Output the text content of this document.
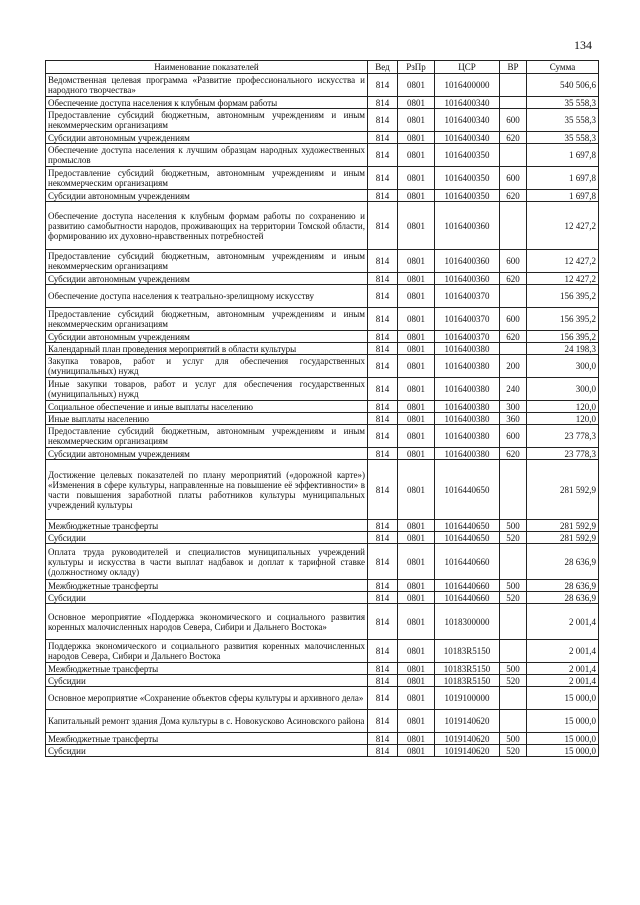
134
Наименование показателей	Вед	РзПр	ЦСР	ВР	Сумма
Ведомственная целевая программа «Развитие профессионального искусства и народного творчества»	814	0801	1016400000		540 506,6
Обеспечение доступа населения к клубным формам работы	814	0801	1016400340		35 558,3
Предоставление субсидий бюджетным, автономным учреждениям и иным некоммерческим организациям	814	0801	1016400340	600	35 558,3
Субсидии автономным учреждениям	814	0801	1016400340	620	35 558,3
Обеспечение доступа населения к лучшим образцам народных художественных промыслов	814	0801	1016400350		1 697,8
Предоставление субсидий бюджетным, автономным учреждениям и иным некоммерческим организациям	814	0801	1016400350	600	1 697,8
Субсидии автономным учреждениям	814	0801	1016400350	620	1 697,8
Обеспечение доступа населения к клубным формам работы по сохранению и развитию самобытности народов, проживающих на территории Томской области, формированию их духовно-нравственных потребностей	814	0801	1016400360		12 427,2
Предоставление субсидий бюджетным, автономным учреждениям и иным некоммерческим организациям	814	0801	1016400360	600	12 427,2
Субсидии автономным учреждениям	814	0801	1016400360	620	12 427,2
Обеспечение доступа населения к театрально-зрелищному искусству	814	0801	1016400370		156 395,2
Предоставление субсидий бюджетным, автономным учреждениям и иным некоммерческим организациям	814	0801	1016400370	600	156 395,2
Субсидии автономным учреждениям	814	0801	1016400370	620	156 395,2
Календарный план проведения мероприятий в области культуры	814	0801	1016400380		24 198,3
Закупка товаров, работ и услуг для обеспечения государственных (муниципальных) нужд	814	0801	1016400380	200	300,0
Иные закупки товаров, работ и услуг для обеспечения государственных (муниципальных) нужд	814	0801	1016400380	240	300,0
Социальное обеспечение и иные выплаты населению	814	0801	1016400380	300	120,0
Иные выплаты населению	814	0801	1016400380	360	120,0
Предоставление субсидий бюджетным, автономным учреждениям и иным некоммерческим организациям	814	0801	1016400380	600	23 778,3
Субсидии автономным учреждениям	814	0801	1016400380	620	23 778,3
Достижение целевых показателей по плану мероприятий («дорожной карте») «Изменения в сфере культуры, направленные на повышение её эффективности» в части повышения заработной платы работников культуры муниципальных учреждений культуры	814	0801	1016440650		281 592,9
Межбюджетные трансферты	814	0801	1016440650	500	281 592,9
Субсидии	814	0801	1016440650	520	281 592,9
Оплата труда руководителей и специалистов муниципальных учреждений культуры и искусства в части выплат надбавок и доплат к тарифной ставке (должностному окладу)	814	0801	1016440660		28 636,9
Межбюджетные трансферты	814	0801	1016440660	500	28 636,9
Субсидии	814	0801	1016440660	520	28 636,9
Основное мероприятие «Поддержка экономического и социального развития коренных малочисленных народов Севера, Сибири и Дальнего Востока»	814	0801	1018300000		2 001,4
Поддержка экономического и социального развития коренных малочисленных народов Севера, Сибири и Дальнего Востока	814	0801	10183R5150		2 001,4
Межбюджетные трансферты	814	0801	10183R5150	500	2 001,4
Субсидии	814	0801	10183R5150	520	2 001,4
Основное мероприятие «Сохранение объектов сферы культуры и архивного дела»	814	0801	1019100000		15 000,0
Капитальный ремонт здания Дома культуры в с. Новокусково Асиновского района	814	0801	1019140620		15 000,0
Межбюджетные трансферты	814	0801	1019140620	500	15 000,0
Субсидии	814	0801	1019140620	520	15 000,0
